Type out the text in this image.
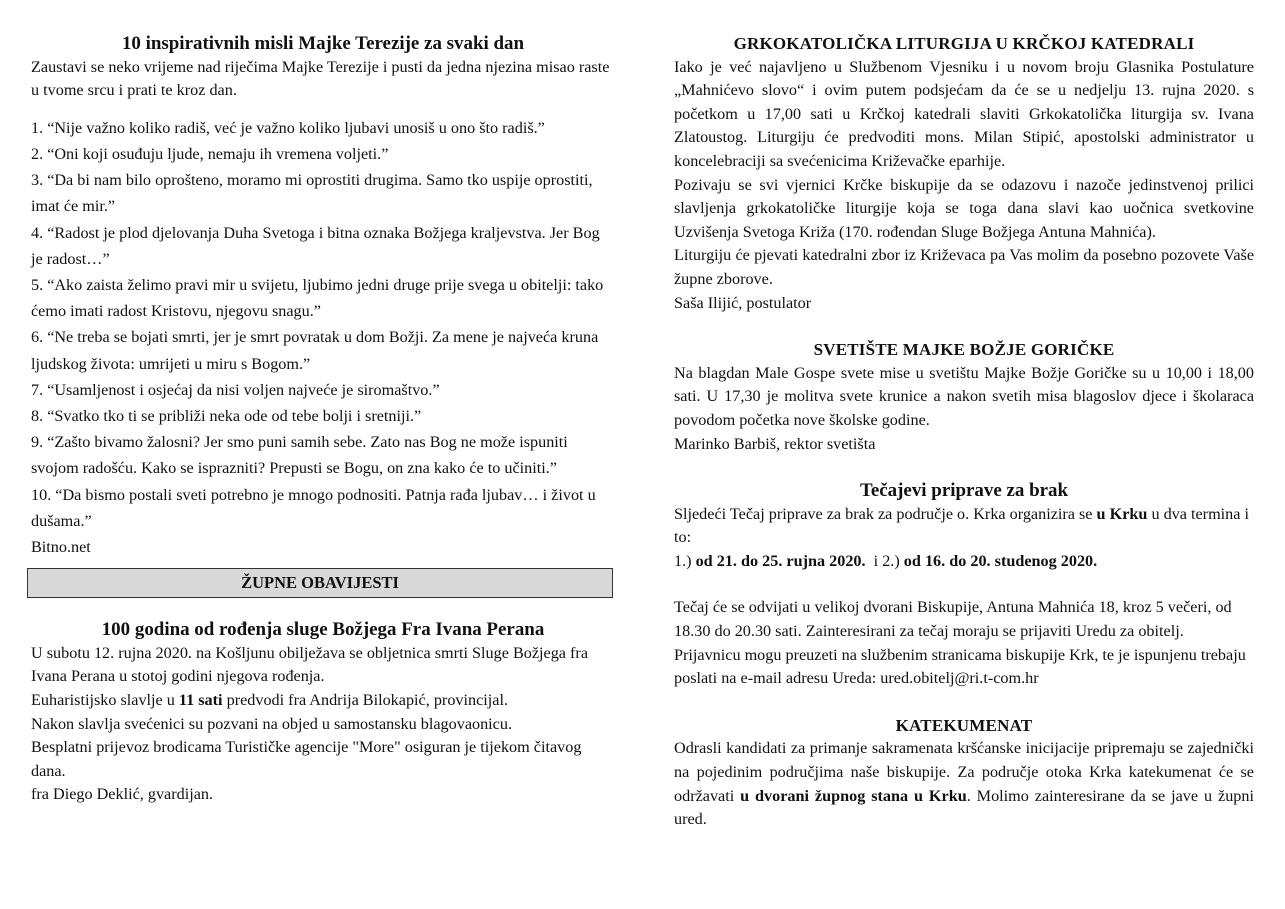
10 inspirativnih misli Majke Terezije za svaki dan

Zaustavi se neko vrijeme nad riječima Majke Terezije i pusti da jedna njezina misao raste u tvome srcu i prati te kroz dan.

1. “Nije važno koliko radiš, već je važno koliko ljubavi unosiš u ono što radiš.”

2. “Oni koji osuđuju ljude, nemaju ih vremena voljeti.”

3. “Da bi nam bilo oprošteno, moramo mi oprostiti drugima. Samo tko uspije oprostiti, imat će mir.”

4. “Radost je plod djelovanja Duha Svetoga i bitna oznaka Božjega kraljevstva. Jer Bog je radost…”

5. “Ako zaista želimo pravi mir u svijetu, ljubimo jedni druge prije svega u obitelji: tako ćemo imati radost Kristovu, njegovu snagu.”

6. “Ne treba se bojati smrti, jer je smrt povratak u dom Božji. Za mene je najveća kruna ljudskog života: umrijeti u miru s Bogom.”

7. “Usamljenost i osjećaj da nisi voljen najveće je siromaštvo.”

8. “Svatko tko ti se približi neka ode od tebe bolji i sretniji.”

9. “Zašto bivamo žalosni? Jer smo puni samih sebe. Zato nas Bog ne može ispuniti svojom radošću. Kako se isprazniti? Prepusti se Bogu, on zna kako će to učiniti.”

10. “Da bismo postali sveti potrebno je mnogo podnositi. Patnja rađa ljubav… i život u dušama.”

Bitno.net

ŽUPNE OBAVIJESTI
100 godina od rođenja sluge Božjega Fra Ivana Perana

U subotu 12. rujna 2020. na Košljunu obilježava se obljetnica smrti Sluge Božjega fra Ivana Perana u stotoj godini njegova rođenja.

Euharistijsko slavlje u 11 sati predvodi fra Andrija Bilokapić, provincijal.

Nakon slavlja svećenici su pozvani na objed u samostansku blagovaonicu.

Besplatni prijevoz brodicama Turističke agencije "More" osiguran je tijekom čitavog dana.

fra Diego Deklić, gvardijan.

GRKOKATOLIČKA LITURGIJA U KRČKOJ KATEDRALI

Iako je već najavljeno u Službenom Vjesniku i u novom broju Glasnika Postulature „Mahnićevo slovo“ i ovim putem podsjećam da će se u nedjelju 13. rujna 2020. s početkom u 17,00 sati u Krčkoj katedrali slaviti Grkokatolička liturgija sv. Ivana Zlatoustog. Liturgiju će predvoditi mons. Milan Stipić, apostolski administrator u koncelebraciji sa svećenicima Križevačke eparhije.

Pozivaju se svi vjernici Krčke biskupije da se odazovu i nazoče jedinstvenoj prilici slavljenja grkokatoličke liturgije koja se toga dana slavi kao uočnica svetkovine Uzvišenja Svetoga Križa (170. rođendan Sluge Božjega Antuna Mahnića).

Liturgiju će pjevati katedralni zbor iz Križevaca pa Vas molim da posebno pozovete Vaše župne zborove.

Saša Ilijić, postulator

SVETIŠTE MAJKE BOŽJE GORIČKE

Na blagdan Male Gospe svete mise u svetištu Majke Božje Goričke su u 10,00 i 18,00 sati. U 17,30 je molitva svete krunice a nakon svetih misa blagoslov djece i školaraca povodom početka nove školske godine.

Marinko Barbiš, rektor svetišta

Tečajevi priprave za brak

Sljedeći Tečaj priprave za brak za područje o. Krka organizira se u Krku u dva termina i to:

1.) od 21. do 25. rujna 2020.  i 2.) od 16. do 20. studenog 2020.

Tečaj će se odvijati u velikoj dvorani Biskupije, Antuna Mahnića 18, kroz 5 večeri, od 18.30 do 20.30 sati. Zainteresirani za tečaj moraju se prijaviti Uredu za obitelj. Prijavnicu mogu preuzeti na službenim stranicama biskupije Krk, te je ispunjenu trebaju poslati na e-mail adresu Ureda: ured.obitelj@ri.t-com.hr

KATEKUMENAT

Odrasli kandidati za primanje sakramenata kršćanske inicijacije pripremaju se zajednički na pojedinim područjima naše biskupije. Za područje otoka Krka katekumenat će se održavati u dvorani župnog stana u Krku. Molimo zainteresirane da se jave u župni ured.
